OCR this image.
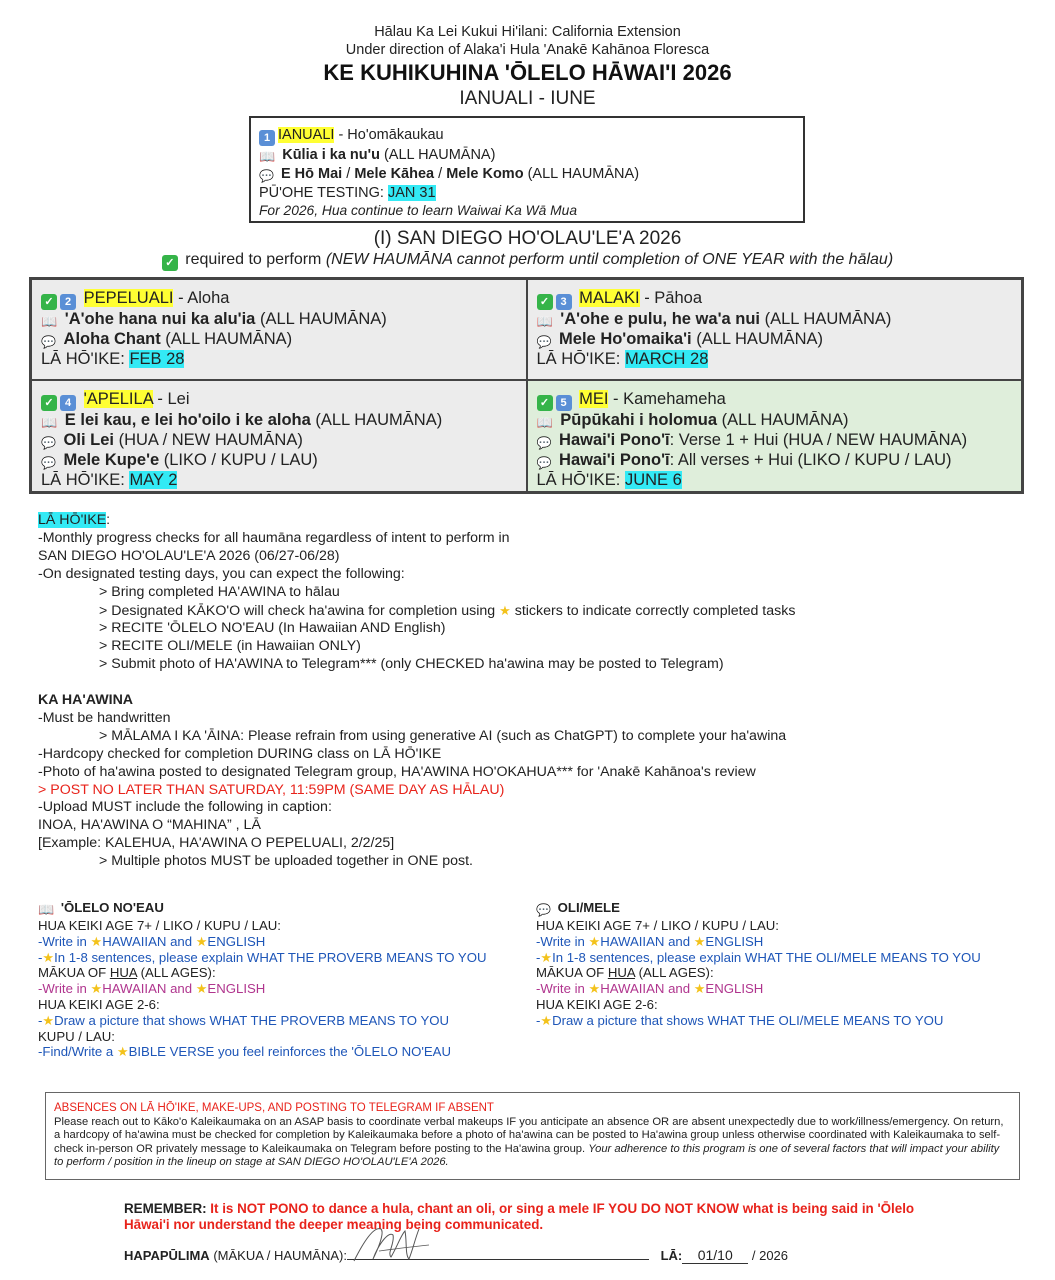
Hālau Ka Lei Kukui Hi'ilani: California Extension
Under direction of Alaka'i Hula 'Anakē Kahānoa Floresca
KE KUHIKUHINA 'ŌLELO HĀWAI'I 2026
IANUALI - IUNE
1 IANUALI - Ho'omākaukau
📖 Kūlia i ka nu'u (ALL HAUMĀNA)
💬 E Hō Mai / Mele Kāhea / Mele Komo (ALL HAUMĀNA)
PŪ'OHE TESTING: JAN 31
For 2026, Hua continue to learn Waiwai Ka Wā Mua
(I) SAN DIEGO HO'OLAU'LE'A 2026
✓ required to perform (NEW HAUMĀNA cannot perform until completion of ONE YEAR with the hālau)
✓ 2 PEPELUALI - Aloha
📖 'A'ohe hana nui ka alu'ia (ALL HAUMĀNA)
💬 Aloha Chant (ALL HAUMĀNA)
LĀ HŌ'IKE: FEB 28
✓ 3 MALAKI - Pāhoa
📖 'A'ohe e pulu, he wa'a nui (ALL HAUMĀNA)
💬 Mele Ho'omaika'i (ALL HAUMĀNA)
LĀ HŌ'IKE: MARCH 28
✓ 4 'APELILA - Lei
📖 E lei kau, e lei ho'oilo i ke aloha (ALL HAUMĀNA)
💬 Oli Lei (HUA / NEW HAUMĀNA)
💬 Mele Kupe'e (LIKO / KUPU / LAU)
LĀ HŌ'IKE: MAY 2
✓ 5 MEI - Kamehameha
📖 Pūpūkahi i holomua (ALL HAUMĀNA)
💬 Hawai'i Pono'ī: Verse 1 + Hui (HUA / NEW HAUMĀNA)
💬 Hawai'i Pono'ī: All verses + Hui (LIKO / KUPU / LAU)
LĀ HŌ'IKE: JUNE 6
LĀ HŌ'IKE:
-Monthly progress checks for all haumāna regardless of intent to perform in
SAN DIEGO HO'OLAU'LE'A 2026 (06/27-06/28)
-On designated testing days, you can expect the following:
> Bring completed HA'AWINA to hālau
> Designated KĀKO'O will check ha'awina for completion using ★ stickers to indicate correctly completed tasks
> RECITE 'ŌLELO NO'EAU (In Hawaiian AND English)
> RECITE OLI/MELE (in Hawaiian ONLY)
> Submit photo of HA'AWINA to Telegram*** (only CHECKED ha'awina may be posted to Telegram)
KA HA'AWINA
-Must be handwritten
> MĀLAMA I KA 'ĀINA: Please refrain from using generative AI (such as ChatGPT) to complete your ha'awina
-Hardcopy checked for completion DURING class on LĀ HŌ'IKE
-Photo of ha'awina posted to designated Telegram group, HA'AWINA HO'OKAHUA*** for 'Anakē Kahānoa's review
> POST NO LATER THAN SATURDAY, 11:59PM (SAME DAY AS HĀLAU)
-Upload MUST include the following in caption:
INOA, HA'AWINA O “MAHINA” , LĀ
[Example: KALEHUA, HA'AWINA O PEPELUALI, 2/2/25]
> Multiple photos MUST be uploaded together in ONE post.
📖 'ŌLELO NO'EAU
HUA KEIKI AGE 7+ / LIKO / KUPU / LAU:
-Write in ★HAWAIIAN and ★ENGLISH
-★In 1-8 sentences, please explain WHAT THE PROVERB MEANS TO YOU
MĀKUA OF HUA (ALL AGES):
-Write in ★HAWAIIAN and ★ENGLISH
HUA KEIKI AGE 2-6:
-★Draw a picture that shows WHAT THE PROVERB MEANS TO YOU
KUPU / LAU:
-Find/Write a ★BIBLE VERSE you feel reinforces the 'ŌLELO NO'EAU
💬 OLI/MELE
HUA KEIKI AGE 7+ / LIKO / KUPU / LAU:
-Write in ★HAWAIIAN and ★ENGLISH
-★In 1-8 sentences, please explain WHAT THE OLI/MELE MEANS TO YOU
MĀKUA OF HUA (ALL AGES):
-Write in ★HAWAIIAN and ★ENGLISH
HUA KEIKI AGE 2-6:
-★Draw a picture that shows WHAT THE OLI/MELE MEANS TO YOU
ABSENCES ON LĀ HŌ'IKE, MAKE-UPS, AND POSTING TO TELEGRAM IF ABSENT
Please reach out to Kāko'o Kaleikaumaka on an ASAP basis to coordinate verbal makeups IF you anticipate an absence OR are absent unexpectedly due to work/illness/emergency. On return, a hardcopy of ha'awina must be checked for completion by Kaleikaumaka before a photo of ha'awina can be posted to Ha'awina group unless otherwise coordinated with Kaleikaumaka to self-check in-person OR privately message to Kaleikaumaka on Telegram before posting to the Ha'awina group. Your adherence to this program is one of several factors that will impact your ability to perform / position in the lineup on stage at SAN DIEGO HO'OLAU'LE'A 2026.
REMEMBER: It is NOT PONO to dance a hula, chant an oli, or sing a mele IF YOU DO NOT KNOW what is being said in 'Ōlelo Hāwai'i nor understand the deeper meaning being communicated.
HAPAPŪLIMA (MĀKUA / HAUMĀNA):	LĀ: 01/10 / 2026
